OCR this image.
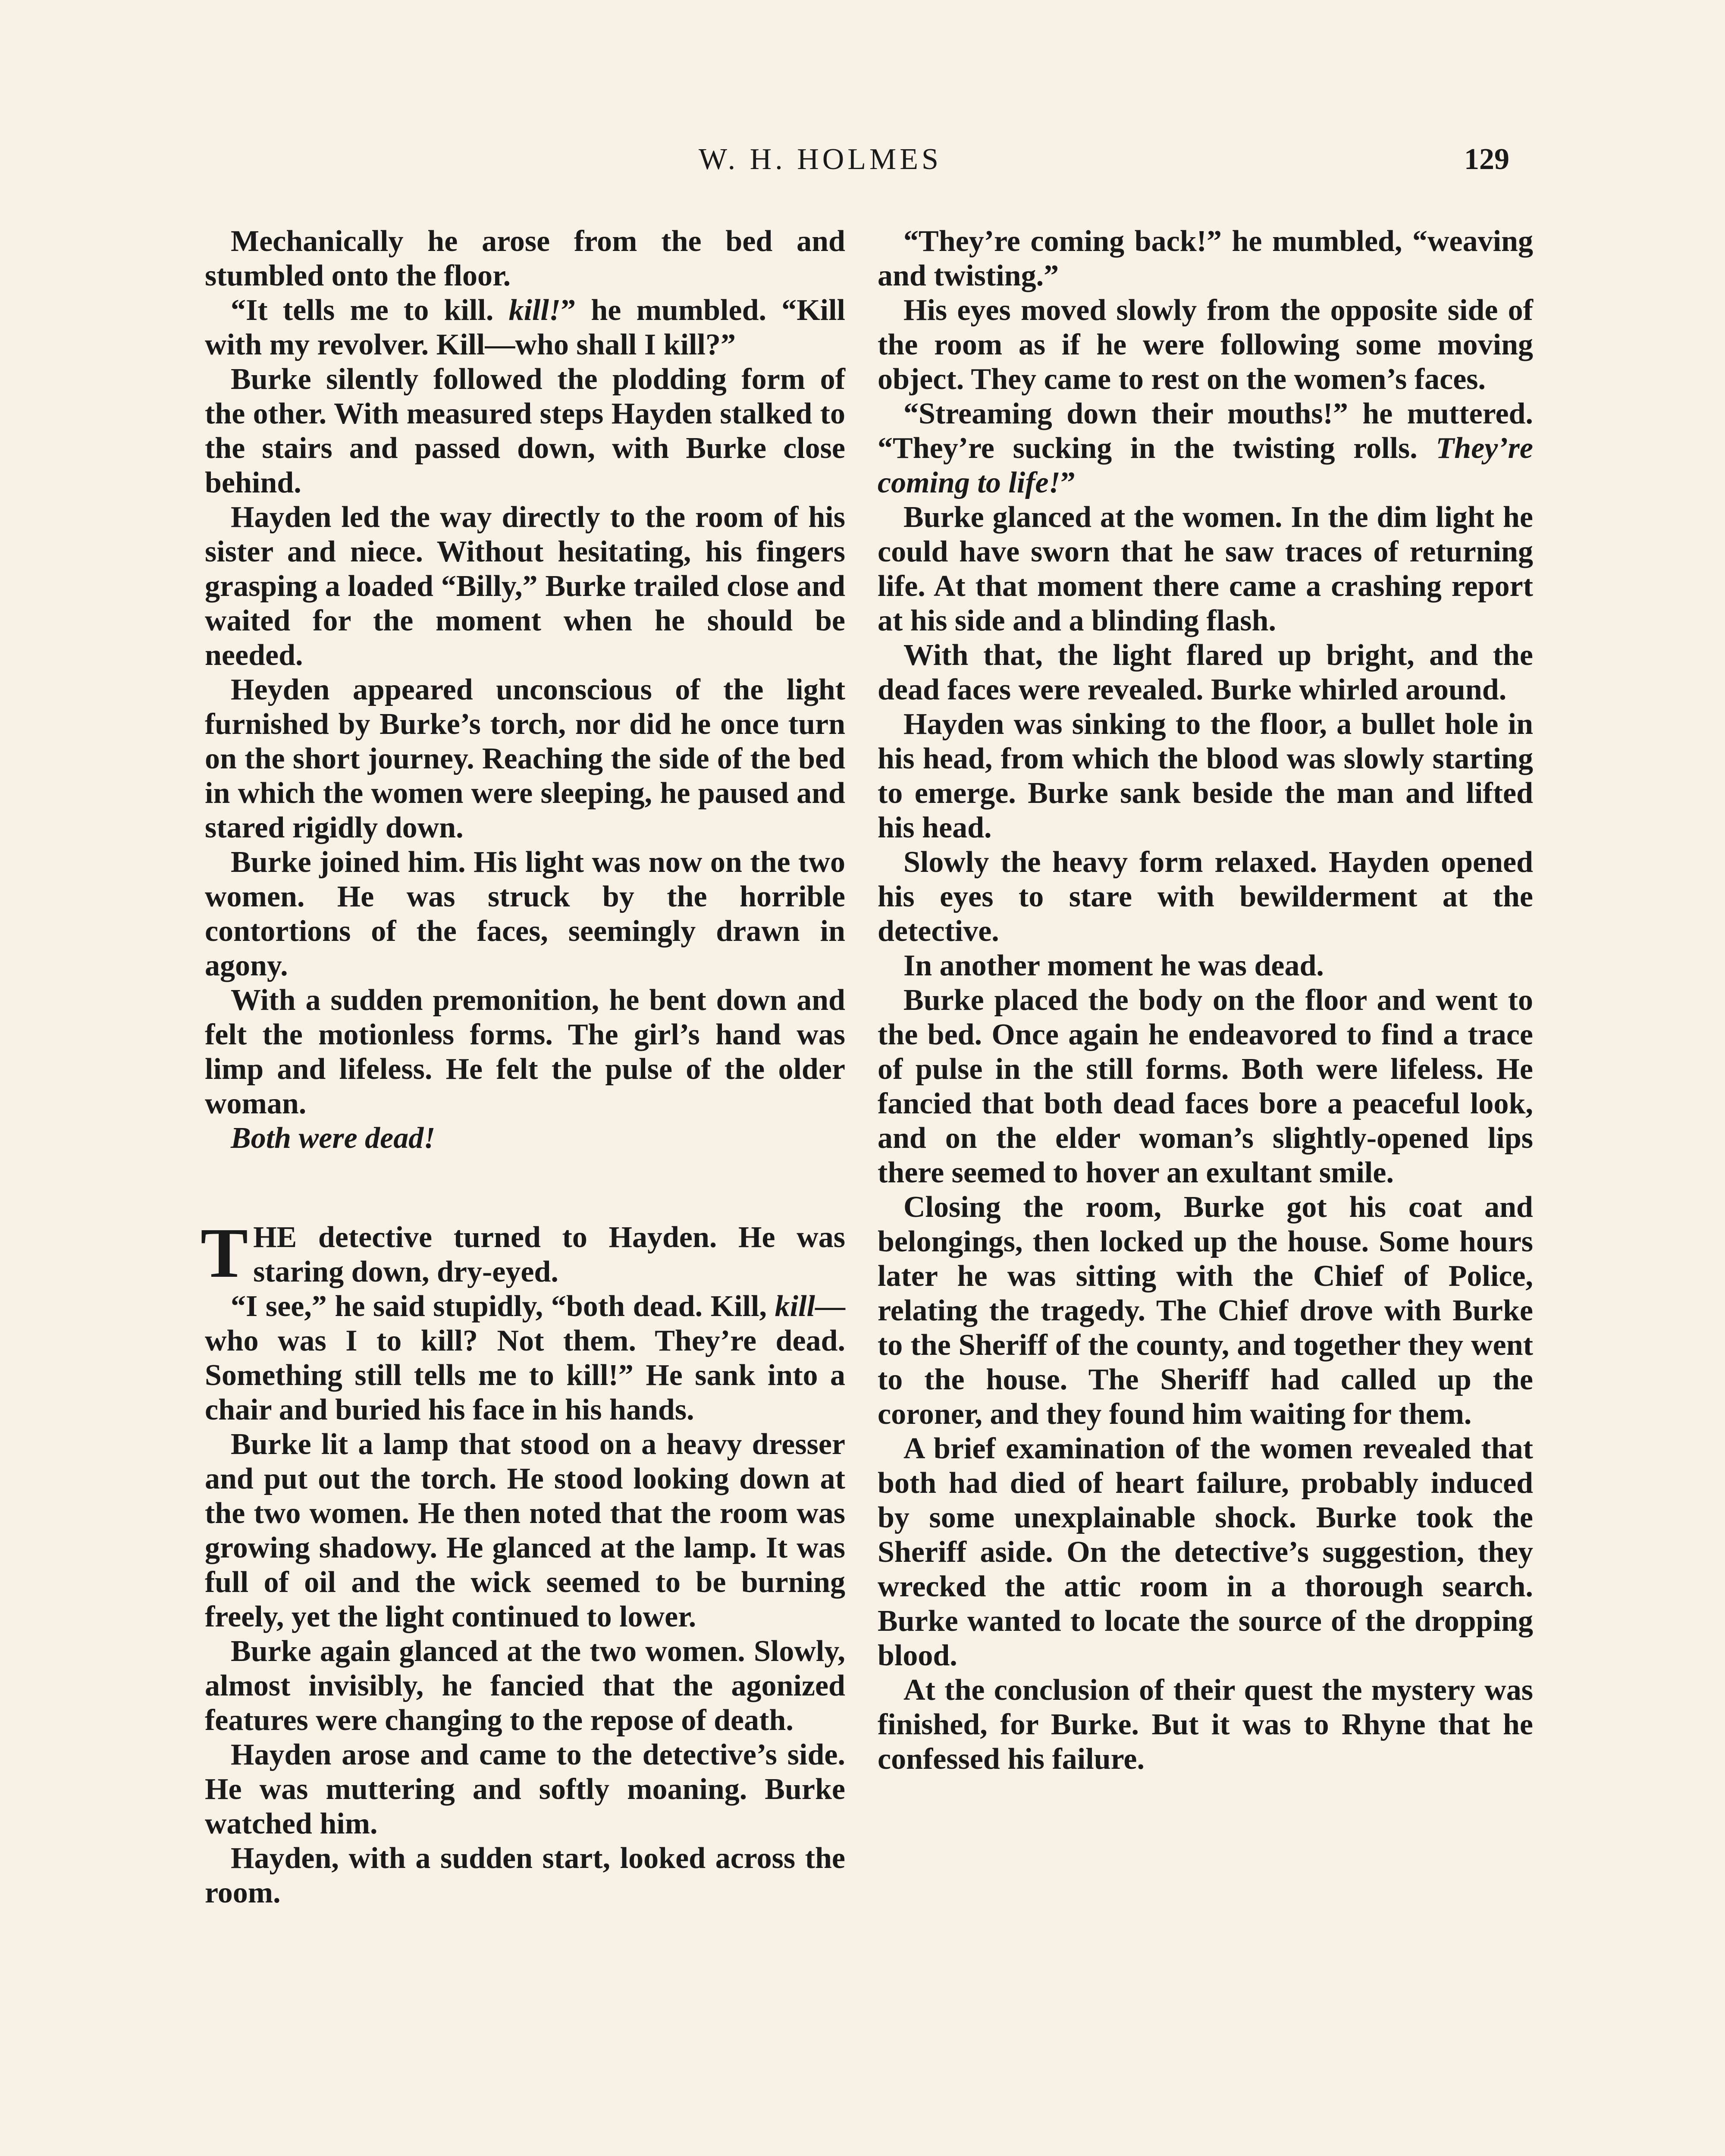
W. H. HOLMES	129

Mechanically he arose from the bed and stumbled onto the floor.

“It tells me to kill. kill!” he mumbled. “Kill with my revolver. Kill—who shall I kill?”

Burke silently followed the plodding form of the other. With measured steps Hayden stalked to the stairs and passed down, with Burke close behind.

Hayden led the way directly to the room of his sister and niece. Without hesitating, his fingers grasping a loaded “Billy,” Burke trailed close and waited for the moment when he should be needed.

Heyden appeared unconscious of the light furnished by Burke’s torch, nor did he once turn on the short journey. Reaching the side of the bed in which the women were sleeping, he paused and stared rigidly down.

Burke joined him. His light was now on the two women. He was struck by the horrible contortions of the faces, seemingly drawn in agony.

With a sudden premonition, he bent down and felt the motionless forms. The girl’s hand was limp and lifeless. He felt the pulse of the older woman.

Both were dead!

THE detective turned to Hayden. He was staring down, dry-eyed.

“I see,” he said stupidly, “both dead. Kill, kill—who was I to kill? Not them. They’re dead. Something still tells me to kill!” He sank into a chair and buried his face in his hands.

Burke lit a lamp that stood on a heavy dresser and put out the torch. He stood looking down at the two women. He then noted that the room was growing shadowy. He glanced at the lamp. It was full of oil and the wick seemed to be burning freely, yet the light continued to lower.

Burke again glanced at the two women. Slowly, almost invisibly, he fancied that the agonized features were changing to the repose of death.

Hayden arose and came to the detective’s side. He was muttering and softly moaning. Burke watched him.

Hayden, with a sudden start, looked across the room.

“They’re coming back!” he mumbled, “weaving and twisting.”

His eyes moved slowly from the opposite side of the room as if he were following some moving object. They came to rest on the women’s faces.

“Streaming down their mouths!” he muttered. “They’re sucking in the twisting rolls. They’re coming to life!”

Burke glanced at the women. In the dim light he could have sworn that he saw traces of returning life. At that moment there came a crashing report at his side and a blinding flash.

With that, the light flared up bright, and the dead faces were revealed. Burke whirled around.

Hayden was sinking to the floor, a bullet hole in his head, from which the blood was slowly starting to emerge. Burke sank beside the man and lifted his head.

Slowly the heavy form relaxed. Hayden opened his eyes to stare with bewilderment at the detective.

In another moment he was dead.

Burke placed the body on the floor and went to the bed. Once again he endeavored to find a trace of pulse in the still forms. Both were lifeless. He fancied that both dead faces bore a peaceful look, and on the elder woman’s slightly-opened lips there seemed to hover an exultant smile.

Closing the room, Burke got his coat and belongings, then locked up the house. Some hours later he was sitting with the Chief of Police, relating the tragedy. The Chief drove with Burke to the Sheriff of the county, and together they went to the house. The Sheriff had called up the coroner, and they found him waiting for them.

A brief examination of the women revealed that both had died of heart failure, probably induced by some unexplainable shock. Burke took the Sheriff aside. On the detective’s suggestion, they wrecked the attic room in a thorough search. Burke wanted to locate the source of the dropping blood.

At the conclusion of their quest the mystery was finished, for Burke. But it was to Rhyne that he confessed his failure.
